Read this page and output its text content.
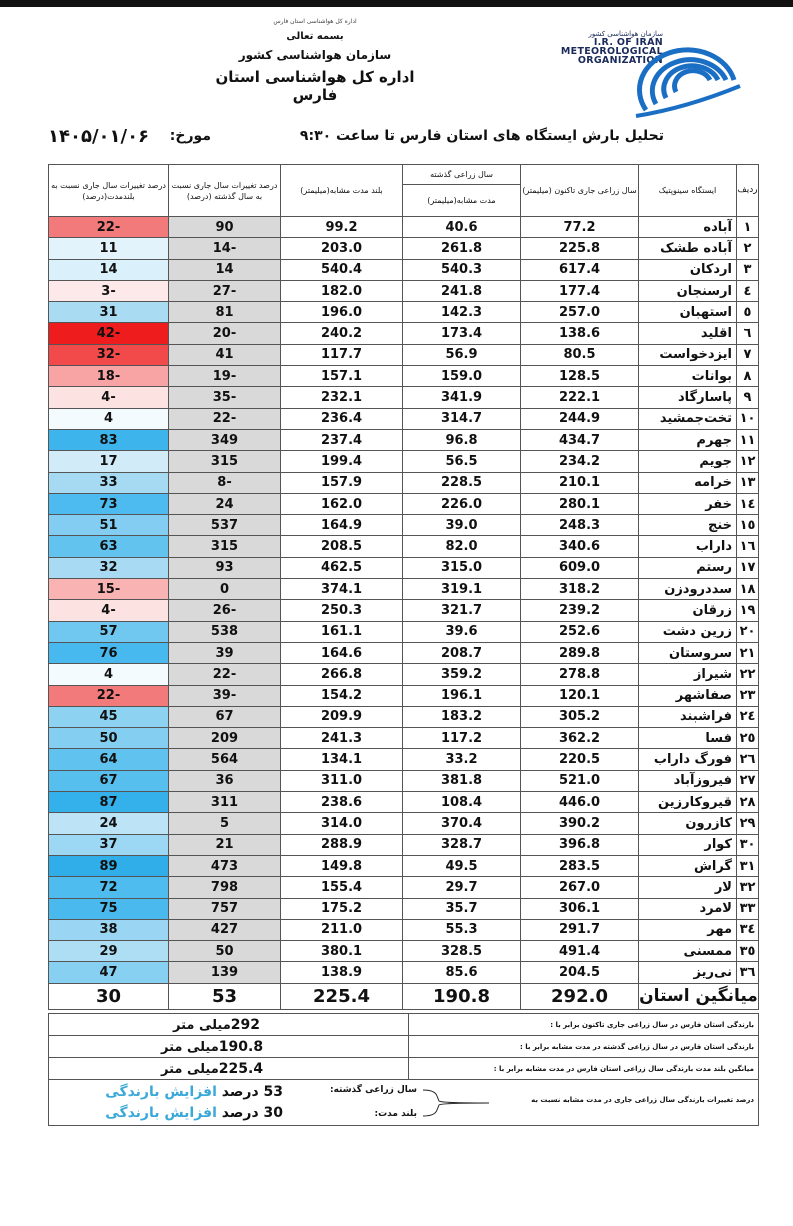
اداره کل هواشناسی استان فارس
بسمه تعالی
سازمان هواشناسی کشور
اداره کل هواشناسی استان فارس
سازمان هواشناسی کشور
I.R. OF IRAN
METEOROLOGICAL
ORGANIZATION
تحلیل بارش ایستگاه های استان فارس تا ساعت ۹:۳۰
مورخ:
۱۴۰۵/۰۱/۰۶
ردیف	ایستگاه سینوپتیک	سال زراعی جاری تاکنون (میلیمتر)	سال زراعی گذشته	بلند مدت مشابه(میلیمتر)	درصد تغییرات سال جاری نسبت به سال گذشته (درصد)	درصد تغییرات سال جاری نسبت به بلندمدت(درصد)
			مدت مشابه(میلیمتر)			
۱	آباده	77.2	40.6	99.2	90	-22
۲	آباده طشک	225.8	261.8	203.0	-14	11
۳	اردکان	617.4	540.3	540.4	14	14
٤	ارسنجان	177.4	241.8	182.0	-27	-3
٥	استهبان	257.0	142.3	196.0	81	31
٦	اقلید	138.6	173.4	240.2	-20	-42
۷	ایزدخواست	80.5	56.9	117.7	41	-32
۸	بوانات	128.5	159.0	157.1	-19	-18
۹	پاسارگاد	222.1	341.9	232.1	-35	-4
۱۰	تخت‌جمشید	244.9	314.7	236.4	-22	4
۱۱	جهرم	434.7	96.8	237.4	349	83
۱۲	جویم	234.2	56.5	199.4	315	17
۱۳	خرامه	210.1	228.5	157.9	-8	33
١٤	خفر	280.1	226.0	162.0	24	73
۱٥	خنج	248.3	39.0	164.9	537	51
۱٦	داراب	340.6	82.0	208.5	315	63
۱۷	رستم	609.0	315.0	462.5	93	32
۱۸	سددرودزن	318.2	319.1	374.1	0	-15
۱۹	زرقان	239.2	321.7	250.3	-26	-4
۲۰	زرین دشت	252.6	39.6	161.1	538	57
۲۱	سروستان	289.8	208.7	164.6	39	76
۲۲	شیراز	278.8	359.2	266.8	-22	4
۲۳	صفاشهر	120.1	196.1	154.2	-39	-22
٢٤	فراشبند	305.2	183.2	209.9	67	45
۲٥	فسا	362.2	117.2	241.3	209	50
۲٦	فورگ داراب	220.5	33.2	134.1	564	64
۲۷	فیروزآباد	521.0	381.8	311.0	36	67
۲۸	قیروکارزین	446.0	108.4	238.6	311	87
۲۹	کازرون	390.2	370.4	314.0	5	24
۳۰	کوار	396.8	328.7	288.9	21	37
۳۱	گراش	283.5	49.5	149.8	473	89
۳۲	لار	267.0	29.7	155.4	798	72
۳۳	لامرد	306.1	35.7	175.2	757	75
۳٤	مهر	291.7	55.3	211.0	427	38
۳٥	ممسنی	491.4	328.5	380.1	50	29
۳٦	نی‌ریز	204.5	85.6	138.9	139	47
میانگین استان		292.0	190.8	225.4	53	30
بارندگی استان فارس در سال زراعی جاری تاکنون برابر با :	292میلی متر
بارندگی استان فارس در سال زراعی گذشته در مدت مشابه برابر با :	190.8میلی متر
میانگین بلند مدت بارندگی سال زراعی استان فارس در مدت مشابه برابر با :	225.4میلی متر

درصد تغییرات بارندگی سال زراعی جاری در مدت مشابه نسبت به
سال زراعی گذشته:
بلند مدت:
53 درصد افزایش بارندگی
30 درصد افزایش بارندگی	
